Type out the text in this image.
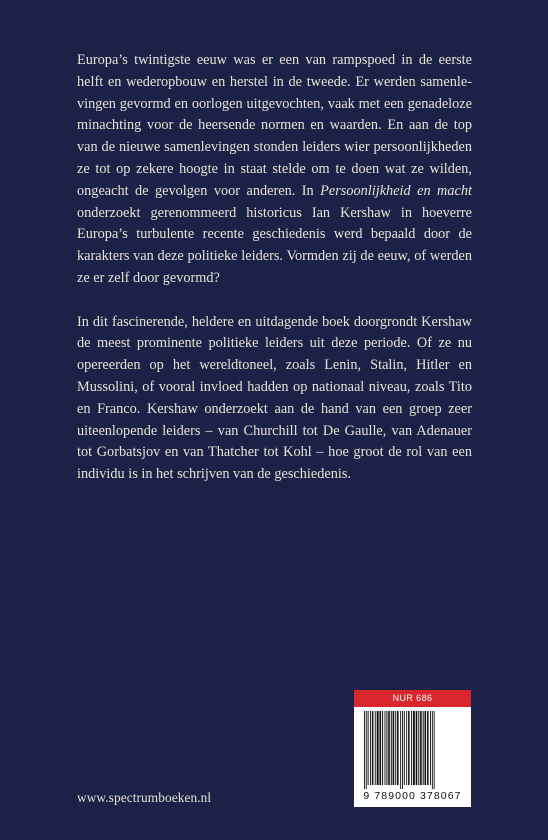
Europa’s twintigste eeuw was er een van rampspoed in de eerste helft en wederopbouw en herstel in de tweede. Er werden samenlevingen gevormd en oorlogen uitgevochten, vaak met een genadeloze minachting voor de heersende normen en waarden. En aan de top van de nieuwe samenlevingen stonden leiders wier persoonlijkheden ze tot op zekere hoogte in staat stelde om te doen wat ze wilden, ongeacht de gevolgen voor anderen. In Persoonlijkheid en macht onderzoekt gerenommeerd historicus Ian Kershaw in hoeverre Europa’s turbulente recente geschiedenis werd bepaald door de karakters van deze politieke leiders. Vormden zij de eeuw, of werden ze er zelf door gevormd?

In dit fascinerende, heldere en uitdagende boek doorgrondt Kershaw de meest prominente politieke leiders uit deze periode. Of ze nu opereerden op het wereldtoneel, zoals Lenin, Stalin, Hitler en Mussolini, of vooral invloed hadden op nationaal niveau, zoals Tito en Franco. Kershaw onderzoekt aan de hand van een groep zeer uiteenlopende leiders – van Churchill tot De Gaulle, van Adenauer tot Gorbatsjov en van Thatcher tot Kohl – hoe groot de rol van een individu is in het schrijven van de geschiedenis.

www.spectrumboeken.nl
NUR 686
9 789000 378067
